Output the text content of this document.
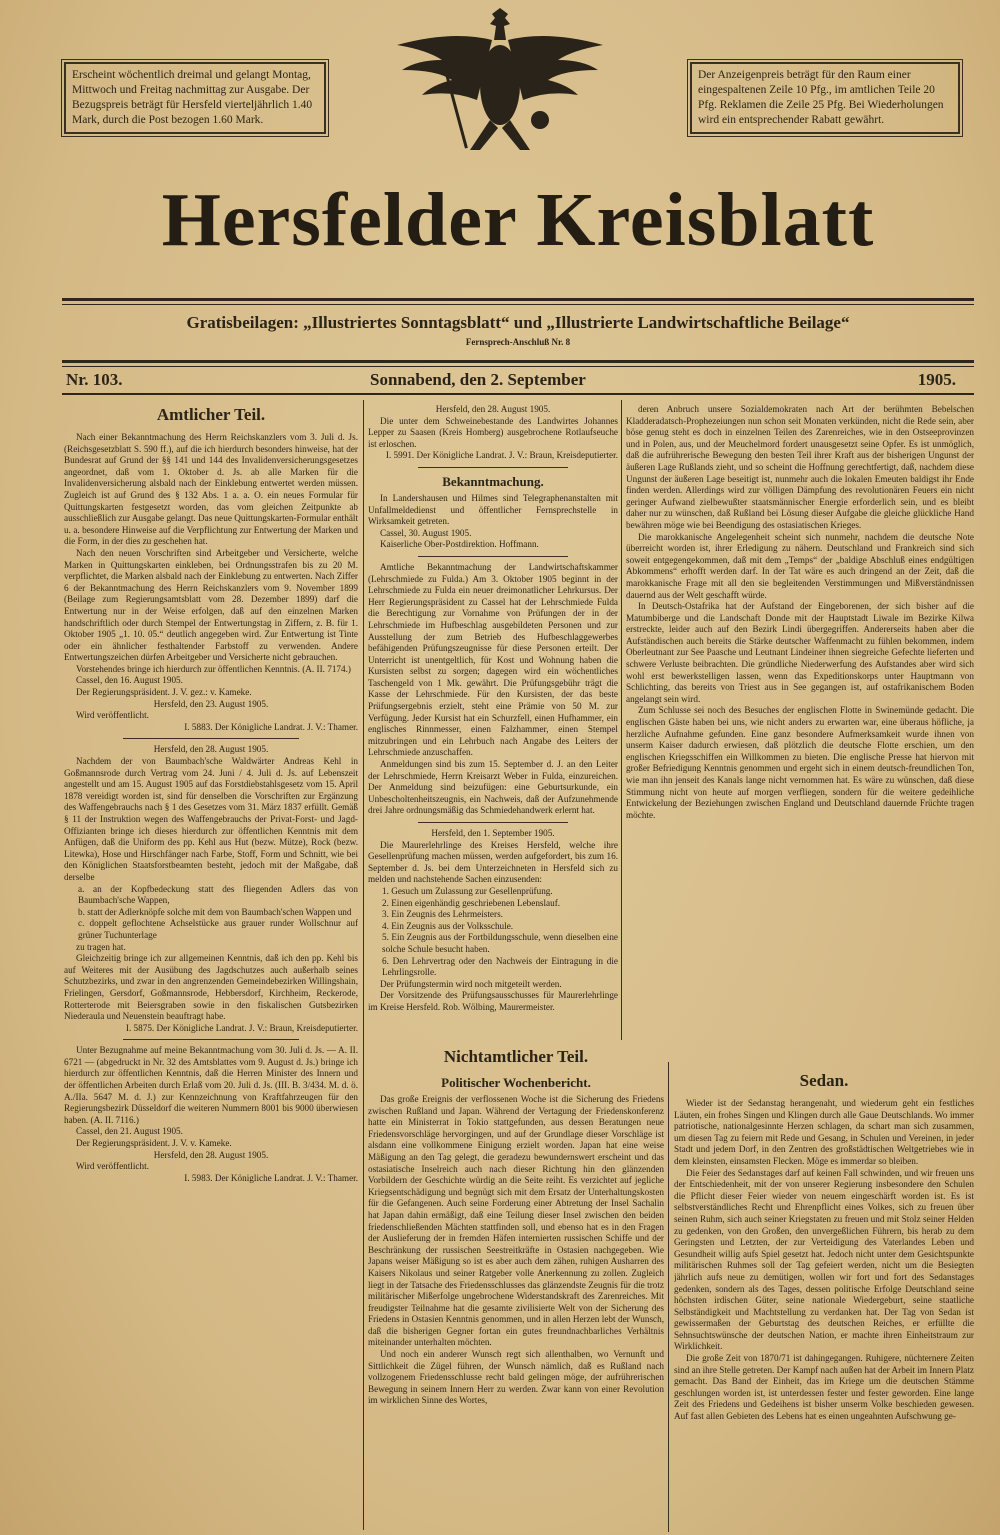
Erscheint wöchentlich dreimal und gelangt Montag, Mittwoch und Freitag nachmittag zur Ausgabe. Der Bezugspreis beträgt für Hersfeld vierteljährlich 1.40 Mark, durch die Post bezogen 1.60 Mark.
Der Anzeigenpreis beträgt für den Raum einer eingespaltenen Zeile 10 Pfg., im amtlichen Teile 20 Pfg. Reklamen die Zeile 25 Pfg. Bei Wiederholungen wird ein entsprechender Rabatt gewährt.
Hersfelder Kreisblatt
Gratisbeilagen: „Illustriertes Sonntagsblatt“ und „Illustrierte Landwirtschaftliche Beilage“
Fernsprech-Anschluß Nr. 8
Nr. 103.	Sonnabend, den 2. September	1905.

Amtlicher Teil.

Nach einer Bekanntmachung des Herrn Reichskanzlers vom 3. Juli d. Js. (Reichsgesetzblatt S. 590 ff.), auf die ich hierdurch besonders hinweise, hat der Bundesrat auf Grund der §§ 141 und 144 des Invalidenversicherungsgesetzes angeordnet, daß vom 1. Oktober d. Js. ab alle Marken für die Invalidenversicherung alsbald nach der Einklebung entwertet werden müssen. Zugleich ist auf Grund des § 132 Abs. 1 a. a. O. ein neues Formular für Quittungskarten festgesetzt worden, das vom gleichen Zeitpunkte ab ausschließlich zur Ausgabe gelangt. Das neue Quittungskarten-Formular enthält u. a. besondere Hinweise auf die Verpflichtung zur Entwertung der Marken und die Form, in der dies zu geschehen hat.

Nach den neuen Vorschriften sind Arbeitgeber und Versicherte, welche Marken in Quittungskarten einkleben, bei Ordnungsstrafen bis zu 20 M. verpflichtet, die Marken alsbald nach der Einklebung zu entwerten. Nach Ziffer 6 der Bekanntmachung des Herrn Reichskanzlers vom 9. November 1899 (Beilage zum Regierungsamtsblatt vom 28. Dezember 1899) darf die Entwertung nur in der Weise erfolgen, daß auf den einzelnen Marken handschriftlich oder durch Stempel der Entwertungstag in Ziffern, z. B. für 1. Oktober 1905 „1. 10. 05.“ deutlich angegeben wird. Zur Entwertung ist Tinte oder ein ähnlicher festhaltender Farbstoff zu verwenden. Andere Entwertungszeichen dürfen Arbeitgeber und Versicherte nicht gebrauchen.

Vorstehendes bringe ich hierdurch zur öffentlichen Kenntnis. (A. II. 7174.)

Cassel, den 16. August 1905.

Der Regierungspräsident. J. V. gez.: v. Kameke.

Hersfeld, den 23. August 1905.

Wird veröffentlicht.

I. 5883. Der Königliche Landrat. J. V.: Thamer.

Hersfeld, den 28. August 1905.

Nachdem der von Baumbach'sche Waldwärter Andreas Kehl in Goßmannsrode durch Vertrag vom 24. Juni / 4. Juli d. Js. auf Lebenszeit angestellt und am 15. August 1905 auf das Forstdiebstahlsgesetz vom 15. April 1878 vereidigt worden ist, sind für denselben die Vorschriften zur Ergänzung des Waffengebrauchs nach § 1 des Gesetzes vom 31. März 1837 erfüllt. Gemäß § 11 der Instruktion wegen des Waffengebrauchs der Privat-Forst- und Jagd-Offizianten bringe ich dieses hierdurch zur öffentlichen Kenntnis mit dem Anfügen, daß die Uniform des pp. Kehl aus Hut (bezw. Mütze), Rock (bezw. Litewka), Hose und Hirschfänger nach Farbe, Stoff, Form und Schnitt, wie bei den Königlichen Staatsforstbeamten besteht, jedoch mit der Maßgabe, daß derselbe

a. an der Kopfbedeckung statt des fliegenden Adlers das von Baumbach'sche Wappen,

b. statt der Adlerknöpfe solche mit dem von Baumbach'schen Wappen und

c. doppelt geflochtene Achselstücke aus grauer runder Wollschnur auf grüner Tuchunterlage

zu tragen hat.

Gleichzeitig bringe ich zur allgemeinen Kenntnis, daß ich den pp. Kehl bis auf Weiteres mit der Ausübung des Jagdschutzes auch außerhalb seines Schutzbezirks, und zwar in den angrenzenden Gemeindebezirken Willingshain, Frielingen, Gersdorf, Goßmannsrode, Hebbersdorf, Kirchheim, Reckerode, Rotterterode mit Beiersgraben sowie in den fiskalischen Gutsbezirken Niederaula und Neuenstein beauftragt habe.

I. 5875. Der Königliche Landrat. J. V.: Braun, Kreisdeputierter.

Unter Bezugnahme auf meine Bekanntmachung vom 30. Juli d. Js. — A. II. 6721 — (abgedruckt in Nr. 32 des Amtsblattes vom 9. August d. Js.) bringe ich hierdurch zur öffentlichen Kenntnis, daß die Herren Minister des Innern und der öffentlichen Arbeiten durch Erlaß vom 20. Juli d. Js. (III. B. 3/434. M. d. ö. A./IIa. 5647 M. d. J.) zur Kennzeichnung von Kraftfahrzeugen für den Regierungsbezirk Düsseldorf die weiteren Nummern 8001 bis 9000 überwiesen haben. (A. II. 7116.)

Cassel, den 21. August 1905.

Der Regierungspräsident. J. V. v. Kameke.

Hersfeld, den 28. August 1905.

Wird veröffentlicht.

I. 5983. Der Königliche Landrat. J. V.: Thamer.

Hersfeld, den 28. August 1905.

Die unter dem Schweinebestande des Landwirtes Johannes Lepper zu Saasen (Kreis Homberg) ausgebrochene Rotlaufseuche ist erloschen.

I. 5991. Der Königliche Landrat. J. V.: Braun, Kreisdeputierter.

Bekanntmachung.

In Landershausen und Hilmes sind Telegraphenanstalten mit Unfallmeldedienst und öffentlicher Fernsprechstelle in Wirksamkeit getreten.

Cassel, 30. August 1905.

Kaiserliche Ober-Postdirektion. Hoffmann.

Amtliche Bekanntmachung der Landwirtschaftskammer (Lehrschmiede zu Fulda.) Am 3. Oktober 1905 beginnt in der Lehrschmiede zu Fulda ein neuer dreimonatlicher Lehrkursus. Der Herr Regierungspräsident zu Cassel hat der Lehrschmiede Fulda die Berechtigung zur Vornahme von Prüfungen der in der Lehrschmiede im Hufbeschlag ausgebildeten Personen und zur Ausstellung der zum Betrieb des Hufbeschlaggewerbes befähigenden Prüfungszeugnisse für diese Personen erteilt. Der Unterricht ist unentgeltlich, für Kost und Wohnung haben die Kursisten selbst zu sorgen; dagegen wird ein wöchentliches Taschengeld von 1 Mk. gewährt. Die Prüfungsgebühr trägt die Kasse der Lehrschmiede. Für den Kursisten, der das beste Prüfungsergebnis erzielt, steht eine Prämie von 50 M. zur Verfügung. Jeder Kursist hat ein Schurzfell, einen Hufhammer, ein englisches Rinnmesser, einen Falzhammer, einen Stempel mitzubringen und ein Lehrbuch nach Angabe des Leiters der Lehrschmiede anzuschaffen.

Anmeldungen sind bis zum 15. September d. J. an den Leiter der Lehrschmiede, Herrn Kreisarzt Weber in Fulda, einzureichen. Der Anmeldung sind beizufügen: eine Geburtsurkunde, ein Unbescholtenheitszeugnis, ein Nachweis, daß der Aufzunehmende drei Jahre ordnungsmäßig das Schmiedehandwerk erlernt hat.

Hersfeld, den 1. September 1905.

Die Maurerlehrlinge des Kreises Hersfeld, welche ihre Gesellenprüfung machen müssen, werden aufgefordert, bis zum 16. September d. Js. bei dem Unterzeichneten in Hersfeld sich zu melden und nachstehende Sachen einzusenden:

1. Gesuch um Zulassung zur Gesellenprüfung.

2. Einen eigenhändig geschriebenen Lebenslauf.

3. Ein Zeugnis des Lehrmeisters.

4. Ein Zeugnis aus der Volksschule.

5. Ein Zeugnis aus der Fortbildungsschule, wenn dieselben eine solche Schule besucht haben.

6. Den Lehrvertrag oder den Nachweis der Eintragung in die Lehrlingsrolle.

Der Prüfungstermin wird noch mitgeteilt werden.

Der Vorsitzende des Prüfungsausschusses für Maurerlehrlinge im Kreise Hersfeld. Rob. Wölbing, Maurermeister.

deren Anbruch unsere Sozialdemokraten nach Art der berühmten Bebelschen Kladderadatsch-Prophezeiungen nun schon seit Monaten verkünden, nicht die Rede sein, aber böse genug steht es doch in einzelnen Teilen des Zarenreiches, wie in den Ostseeprovinzen und in Polen, aus, und der Meuchelmord fordert unausgesetzt seine Opfer. Es ist unmöglich, daß die aufrührerische Bewegung den besten Teil ihrer Kraft aus der bisherigen Ungunst der äußeren Lage Rußlands zieht, und so scheint die Hoffnung gerechtfertigt, daß, nachdem diese Ungunst der äußeren Lage beseitigt ist, nunmehr auch die lokalen Emeuten baldigst ihr Ende finden werden. Allerdings wird zur völligen Dämpfung des revolutionären Feuers ein nicht geringer Aufwand zielbewußter staatsmännischer Energie erforderlich sein, und es bleibt daher nur zu wünschen, daß Rußland bei Lösung dieser Aufgabe die gleiche glückliche Hand bewähren möge wie bei Beendigung des ostasiatischen Krieges.

Die marokkanische Angelegenheit scheint sich nunmehr, nachdem die deutsche Note überreicht worden ist, ihrer Erledigung zu nähern. Deutschland und Frankreich sind sich soweit entgegengekommen, daß mit dem „Temps“ der „baldige Abschluß eines endgültigen Abkommens“ erhofft werden darf. In der Tat wäre es auch dringend an der Zeit, daß die marokkanische Frage mit all den sie begleitenden Verstimmungen und Mißverständnissen dauernd aus der Welt geschafft würde.

In Deutsch-Ostafrika hat der Aufstand der Eingeborenen, der sich bisher auf die Matumbiberge und die Landschaft Donde mit der Hauptstadt Liwale im Bezirke Kilwa erstreckte, leider auch auf den Bezirk Lindi übergegriffen. Andererseits haben aber die Aufständischen auch bereits die Stärke deutscher Waffenmacht zu fühlen bekommen, indem Oberleutnant zur See Paasche und Leutnant Lindeiner ihnen siegreiche Gefechte lieferten und schwere Verluste beibrachten. Die gründliche Niederwerfung des Aufstandes aber wird sich wohl erst bewerkstelligen lassen, wenn das Expeditionskorps unter Hauptmann von Schlichting, das bereits von Triest aus in See gegangen ist, auf ostafrikanischem Boden angelangt sein wird.

Zum Schlusse sei noch des Besuches der englischen Flotte in Swinemünde gedacht. Die englischen Gäste haben bei uns, wie nicht anders zu erwarten war, eine überaus höfliche, ja herzliche Aufnahme gefunden. Eine ganz besondere Aufmerksamkeit wurde ihnen von unserm Kaiser dadurch erwiesen, daß plötzlich die deutsche Flotte erschien, um den englischen Kriegsschiffen ein Willkommen zu bieten. Die englische Presse hat hiervon mit großer Befriedigung Kenntnis genommen und ergeht sich in einem deutsch-freundlichen Ton, wie man ihn jenseit des Kanals lange nicht vernommen hat. Es wäre zu wünschen, daß diese Stimmung nicht von heute auf morgen verfliegen, sondern für die weitere gedeihliche Entwickelung der Beziehungen zwischen England und Deutschland dauernde Früchte tragen möchte.

Nichtamtlicher Teil.

Politischer Wochenbericht.

Das große Ereignis der verflossenen Woche ist die Sicherung des Friedens zwischen Rußland und Japan. Während der Vertagung der Friedenskonferenz hatte ein Ministerrat in Tokio stattgefunden, aus dessen Beratungen neue Friedensvorschläge hervorgingen, und auf der Grundlage dieser Vorschläge ist alsdann eine vollkommene Einigung erzielt worden. Japan hat eine weise Mäßigung an den Tag gelegt, die geradezu bewundernswert erscheint und das ostasiatische Inselreich auch nach dieser Richtung hin den glänzenden Vorbildern der Geschichte würdig an die Seite reiht. Es verzichtet auf jegliche Kriegsentschädigung und begnügt sich mit dem Ersatz der Unterhaltungskosten für die Gefangenen. Auch seine Forderung einer Abtretung der Insel Sachalin hat Japan dahin ermäßigt, daß eine Teilung dieser Insel zwischen den beiden friedenschließenden Mächten stattfinden soll, und ebenso hat es in den Fragen der Auslieferung der in fremden Häfen internierten russischen Schiffe und der Beschränkung der russischen Seestreitkräfte in Ostasien nachgegeben. Wie Japans weiser Mäßigung so ist es aber auch dem zähen, ruhigen Ausharren des Kaisers Nikolaus und seiner Ratgeber volle Anerkennung zu zollen. Zugleich liegt in der Tatsache des Friedensschlusses das glänzendste Zeugnis für die trotz militärischer Mißerfolge ungebrochene Widerstandskraft des Zarenreiches. Mit freudigster Teilnahme hat die gesamte zivilisierte Welt von der Sicherung des Friedens in Ostasien Kenntnis genommen, und in allen Herzen lebt der Wunsch, daß die bisherigen Gegner fortan ein gutes freundnachbarliches Verhältnis miteinander unterhalten möchten.

Und noch ein anderer Wunsch regt sich allenthalben, wo Vernunft und Sittlichkeit die Zügel führen, der Wunsch nämlich, daß es Rußland nach vollzogenem Friedensschlusse recht bald gelingen möge, der aufrührerischen Bewegung in seinem Innern Herr zu werden. Zwar kann von einer Revolution im wirklichen Sinne des Wortes,

Sedan.

Wieder ist der Sedanstag herangenaht, und wiederum geht ein festliches Läuten, ein frohes Singen und Klingen durch alle Gaue Deutschlands. Wo immer patriotische, nationalgesinnte Herzen schlagen, da schart man sich zusammen, um diesen Tag zu feiern mit Rede und Gesang, in Schulen und Vereinen, in jeder Stadt und jedem Dorf, in den Zentren des großstädtischen Weltgetriebes wie in dem kleinsten, einsamsten Flecken. Möge es immerdar so bleiben.

Die Feier des Sedanstages darf auf keinen Fall schwinden, und wir freuen uns der Entschiedenheit, mit der von unserer Regierung insbesondere den Schulen die Pflicht dieser Feier wieder von neuem eingeschärft worden ist. Es ist selbstverständliches Recht und Ehrenpflicht eines Volkes, sich zu freuen über seinen Ruhm, sich auch seiner Kriegstaten zu freuen und mit Stolz seiner Helden zu gedenken, von den Großen, den unvergeßlichen Führern, bis herab zu dem Geringsten und Letzten, der zur Verteidigung des Vaterlandes Leben und Gesundheit willig aufs Spiel gesetzt hat. Jedoch nicht unter dem Gesichtspunkte militärischen Ruhmes soll der Tag gefeiert werden, nicht um die Besiegten jährlich aufs neue zu demütigen, wollen wir fort und fort des Sedanstages gedenken, sondern als des Tages, dessen politische Erfolge Deutschland seine höchsten irdischen Güter, seine nationale Wiedergeburt, seine staatliche Selbständigkeit und Machtstellung zu verdanken hat. Der Tag von Sedan ist gewissermaßen der Geburtstag des deutschen Reiches, er erfüllte die Sehnsuchtswünsche der deutschen Nation, er machte ihren Einheitstraum zur Wirklichkeit.

Die große Zeit von 1870/71 ist dahingegangen. Ruhigere, nüchternere Zeiten sind an ihre Stelle getreten. Der Kampf nach außen hat der Arbeit im Innern Platz gemacht. Das Band der Einheit, das im Kriege um die deutschen Stämme geschlungen worden ist, ist unterdessen fester und fester geworden. Eine lange Zeit des Friedens und Gedeihens ist bisher unserm Volke beschieden gewesen. Auf fast allen Gebieten des Lebens hat es einen ungeahnten Aufschwung ge-
